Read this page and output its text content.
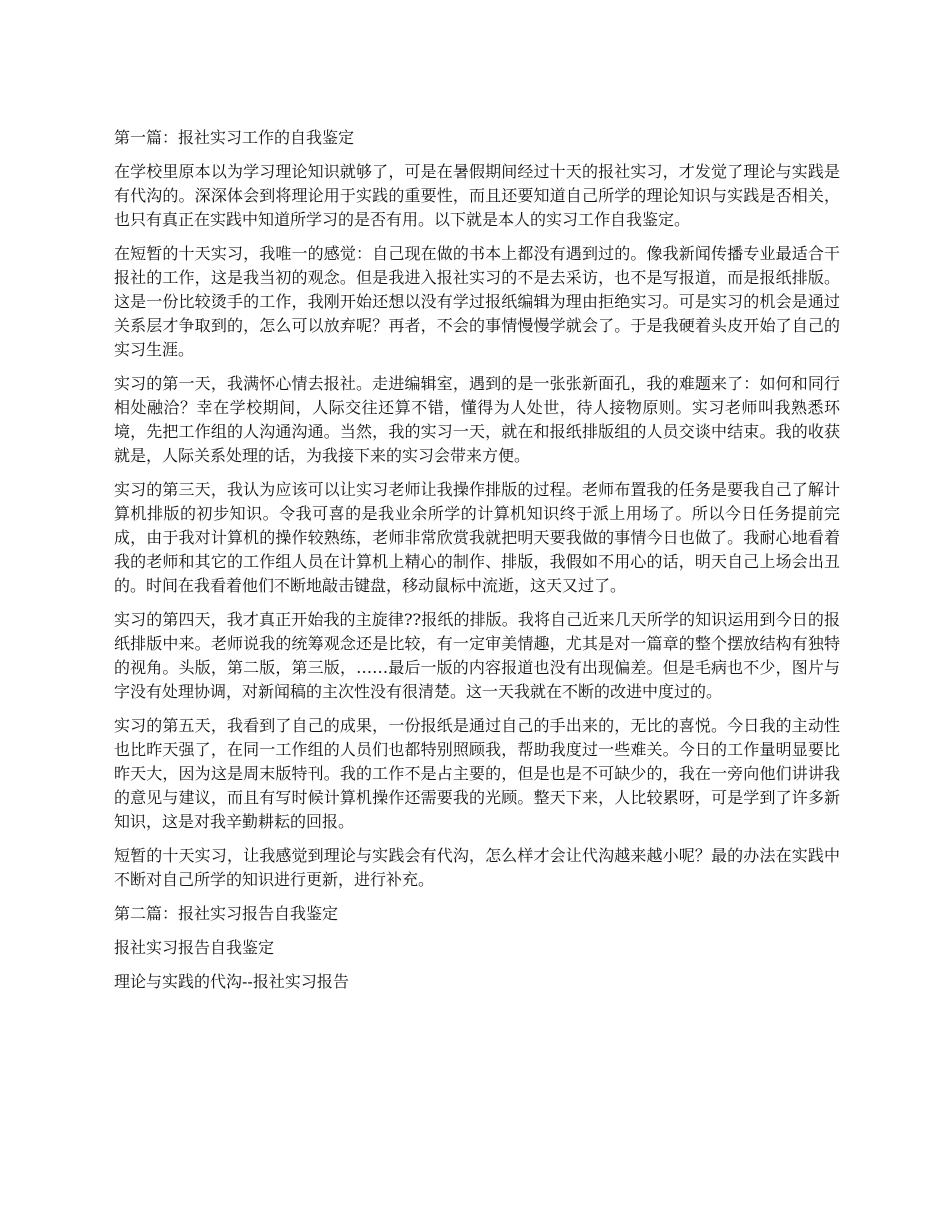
第一篇：报社实习工作的自我鉴定

在学校里原本以为学习理论知识就够了，可是在暑假期间经过十天的报社实习，才发觉了理论与实践是有代沟的。深深体会到将理论用于实践的重要性，而且还要知道自己所学的理论知识与实践是否相关，也只有真正在实践中知道所学习的是否有用。以下就是本人的实习工作自我鉴定。

在短暂的十天实习，我唯一的感觉：自己现在做的书本上都没有遇到过的。像我新闻传播专业最适合干报社的工作，这是我当初的观念。但是我进入报社实习的不是去采访，也不是写报道，而是报纸排版。这是一份比较烫手的工作，我刚开始还想以没有学过报纸编辑为理由拒绝实习。可是实习的机会是通过关系层才争取到的，怎么可以放弃呢？再者，不会的事情慢慢学就会了。于是我硬着头皮开始了自己的实习生涯。

实习的第一天，我满怀心情去报社。走进编辑室，遇到的是一张张新面孔，我的难题来了：如何和同行相处融洽？幸在学校期间，人际交往还算不错，懂得为人处世，待人接物原则。实习老师叫我熟悉环境，先把工作组的人沟通沟通。当然，我的实习一天，就在和报纸排版组的人员交谈中结束。我的收获就是，人际关系处理的话，为我接下来的实习会带来方便。

实习的第三天，我认为应该可以让实习老师让我操作排版的过程。老师布置我的任务是要我自己了解计算机排版的初步知识。令我可喜的是我业余所学的计算机知识终于派上用场了。所以今日任务提前完成，由于我对计算机的操作较熟练，老师非常欣赏我就把明天要我做的事情今日也做了。我耐心地看着我的老师和其它的工作组人员在计算机上精心的制作、排版，我假如不用心的话，明天自己上场会出丑的。时间在我看着他们不断地敲击键盘，移动鼠标中流逝，这天又过了。

实习的第四天，我才真正开始我的主旋律??报纸的排版。我将自己近来几天所学的知识运用到今日的报纸排版中来。老师说我的统筹观念还是比较，有一定审美情趣，尤其是对一篇章的整个摆放结构有独特的视角。头版，第二版，第三版，……最后一版的内容报道也没有出现偏差。但是毛病也不少，图片与字没有处理协调，对新闻稿的主次性没有很清楚。这一天我就在不断的改进中度过的。

实习的第五天，我看到了自己的成果，一份报纸是通过自己的手出来的，无比的喜悦。今日我的主动性也比昨天强了，在同一工作组的人员们也都特别照顾我，帮助我度过一些难关。今日的工作量明显要比昨天大，因为这是周末版特刊。我的工作不是占主要的，但是也是不可缺少的，我在一旁向他们讲讲我的意见与建议，而且有写时候计算机操作还需要我的光顾。整天下来，人比较累呀，可是学到了许多新知识，这是对我辛勤耕耘的回报。

短暂的十天实习，让我感觉到理论与实践会有代沟，怎么样才会让代沟越来越小呢？最的办法在实践中不断对自己所学的知识进行更新，进行补充。

第二篇：报社实习报告自我鉴定

报社实习报告自我鉴定

理论与实践的代沟--报社实习报告
